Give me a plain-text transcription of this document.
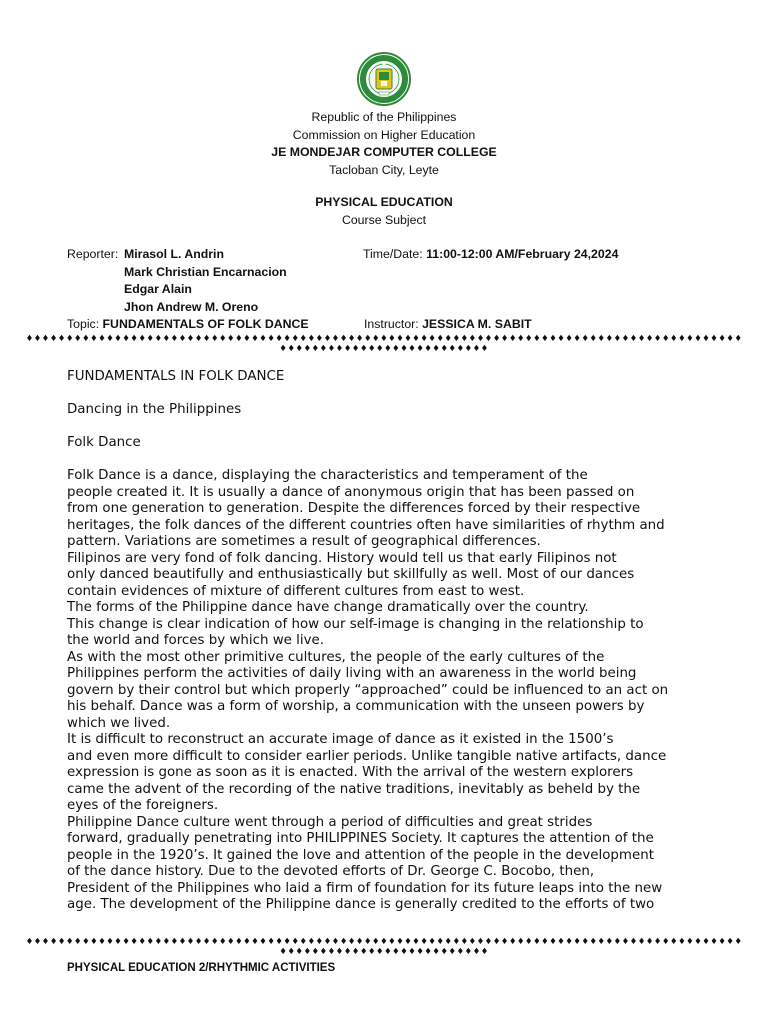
Republic of the Philippines
Commission on Higher Education
JE MONDEJAR COMPUTER COLLEGE
Tacloban City, Leyte
PHYSICAL EDUCATION
Course Subject
Reporter: Mirasol L. Andrin
Mark Christian Encarnacion
Edgar Alain
Jhon Andrew M. Oreno
Time/Date: 11:00-12:00 AM/February 24,2024
Topic: FUNDAMENTALS OF FOLK DANCE	Instructor: JESSICA M. SABIT
♦♦♦♦♦♦♦♦♦♦♦♦♦♦♦♦♦♦♦♦♦♦♦♦♦♦♦♦♦♦♦♦♦♦♦♦♦♦♦♦♦♦♦♦♦♦♦♦♦♦♦♦♦♦♦♦♦♦♦♦♦♦♦♦♦♦♦♦♦♦♦♦♦♦♦♦♦♦♦♦♦♦♦♦♦♦♦♦♦
♦♦♦♦♦♦♦♦♦♦♦♦♦♦♦♦♦♦♦♦♦♦♦♦♦♦
FUNDAMENTALS IN FOLK DANCE
Dancing in the Philippines
Folk Dance
Folk Dance is a dance, displaying the characteristics and temperament of the
people created it. It is usually a dance of anonymous origin that has been passed on
from one generation to generation. Despite the differences forced by their respective
heritages, the folk dances of the different countries often have similarities of rhythm and
pattern. Variations are sometimes a result of geographical differences.
Filipinos are very fond of folk dancing. History would tell us that early Filipinos not
only danced beautifully and enthusiastically but skillfully as well. Most of our dances
contain evidences of mixture of different cultures from east to west.
The forms of the Philippine dance have change dramatically over the country.
This change is clear indication of how our self-image is changing in the relationship to
the world and forces by which we live.
As with the most other primitive cultures, the people of the early cultures of the
Philippines perform the activities of daily living with an awareness in the world being
govern by their control but which properly “approached” could be influenced to an act on
his behalf. Dance was a form of worship, a communication with the unseen powers by
which we lived.
It is difficult to reconstruct an accurate image of dance as it existed in the 1500’s
and even more difficult to consider earlier periods. Unlike tangible native artifacts, dance
expression is gone as soon as it is enacted. With the arrival of the western explorers
came the advent of the recording of the native traditions, inevitably as beheld by the
eyes of the foreigners.
Philippine Dance culture went through a period of difficulties and great strides
forward, gradually penetrating into PHILIPPINES Society. It captures the attention of the
people in the 1920’s. It gained the love and attention of the people in the development
of the dance history. Due to the devoted efforts of Dr. George C. Bocobo, then,
President of the Philippines who laid a firm of foundation for its future leaps into the new
age. The development of the Philippine dance is generally credited to the efforts of two
♦♦♦♦♦♦♦♦♦♦♦♦♦♦♦♦♦♦♦♦♦♦♦♦♦♦♦♦♦♦♦♦♦♦♦♦♦♦♦♦♦♦♦♦♦♦♦♦♦♦♦♦♦♦♦♦♦♦♦♦♦♦♦♦♦♦♦♦♦♦♦♦♦♦♦♦♦♦♦♦♦♦♦♦♦♦♦♦♦
♦♦♦♦♦♦♦♦♦♦♦♦♦♦♦♦♦♦♦♦♦♦♦♦♦♦
PHYSICAL EDUCATION 2/RHYTHMIC ACTIVITIES
